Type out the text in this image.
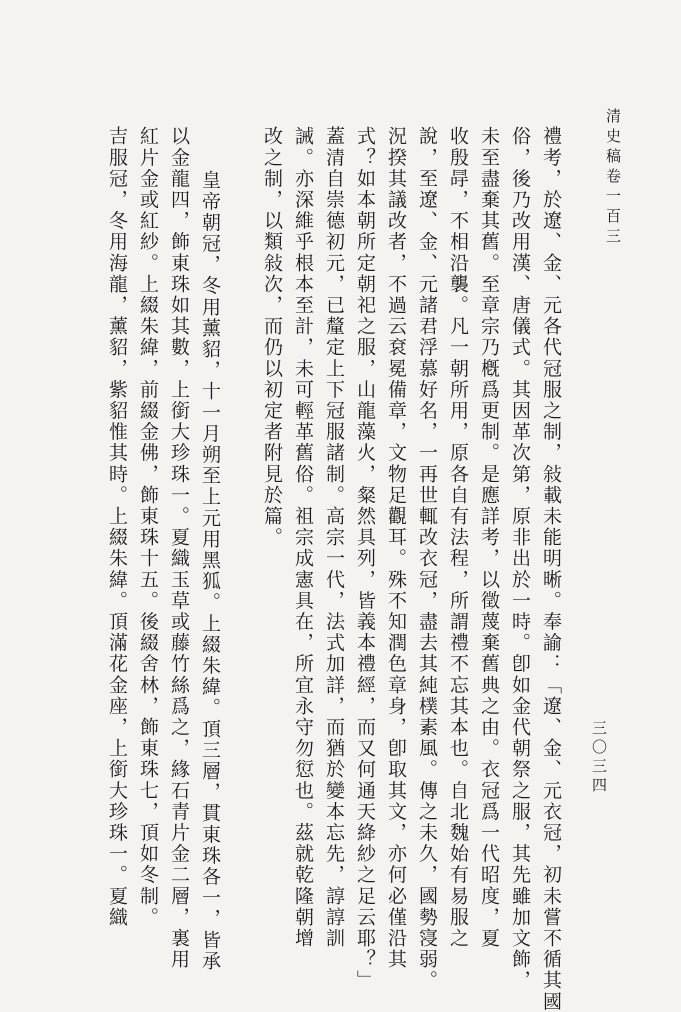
清史稿卷一百三
三〇三四
禮考，於遼、金、元各代冠服之制，敍載未能明晰。奉諭：「遼、金、元衣冠，初未嘗不循其國
俗，後乃改用漢、唐儀式。其因革次第，原非出於一時。卽如金代朝祭之服，其先雖加文飾，
未至盡棄其舊。至章宗乃槪爲更制。是應詳考，以徵蔑棄舊典之由。衣冠爲一代昭度，夏
收殷冔，不相沿襲。凡一朝所用，原各自有法程，所謂禮不忘其本也。自北魏始有易服之
說，至遼、金、元諸君浮慕好名，一再世輒改衣冠，盡去其純樸素風。傳之未久，國勢寖弱。
況揆其議改者，不過云袞冕備章，文物足觀耳。殊不知潤色章身，卽取其文，亦何必僅沿其
式？如本朝所定朝祀之服，山龍藻火，粲然具列，皆義本禮經，而又何通天絳紗之足云耶？」
蓋清自崇德初元，已釐定上下冠服諸制。高宗一代，法式加詳，而猶於變本忘先，諄諄訓
誡。亦深維乎根本至計，未可輕革舊俗。祖宗成憲具在，所宜永守勿愆也。茲就乾隆朝增
改之制，以類敍次，而仍以初定者附見於篇。
皇帝朝冠，冬用薰貂，十一月朔至上元用黑狐。上綴朱緯。頂三層，貫東珠各一，皆承
以金龍四，飾東珠如其數，上銜大珍珠一。夏織玉草或藤竹絲爲之，緣石青片金二層，裏用
紅片金或紅紗。上綴朱緯，前綴金佛，飾東珠十五。後綴舍林，飾東珠七，頂如冬制。
吉服冠，冬用海龍，薰貂，紫貂惟其時。上綴朱緯。頂滿花金座，上銜大珍珠一。夏織
